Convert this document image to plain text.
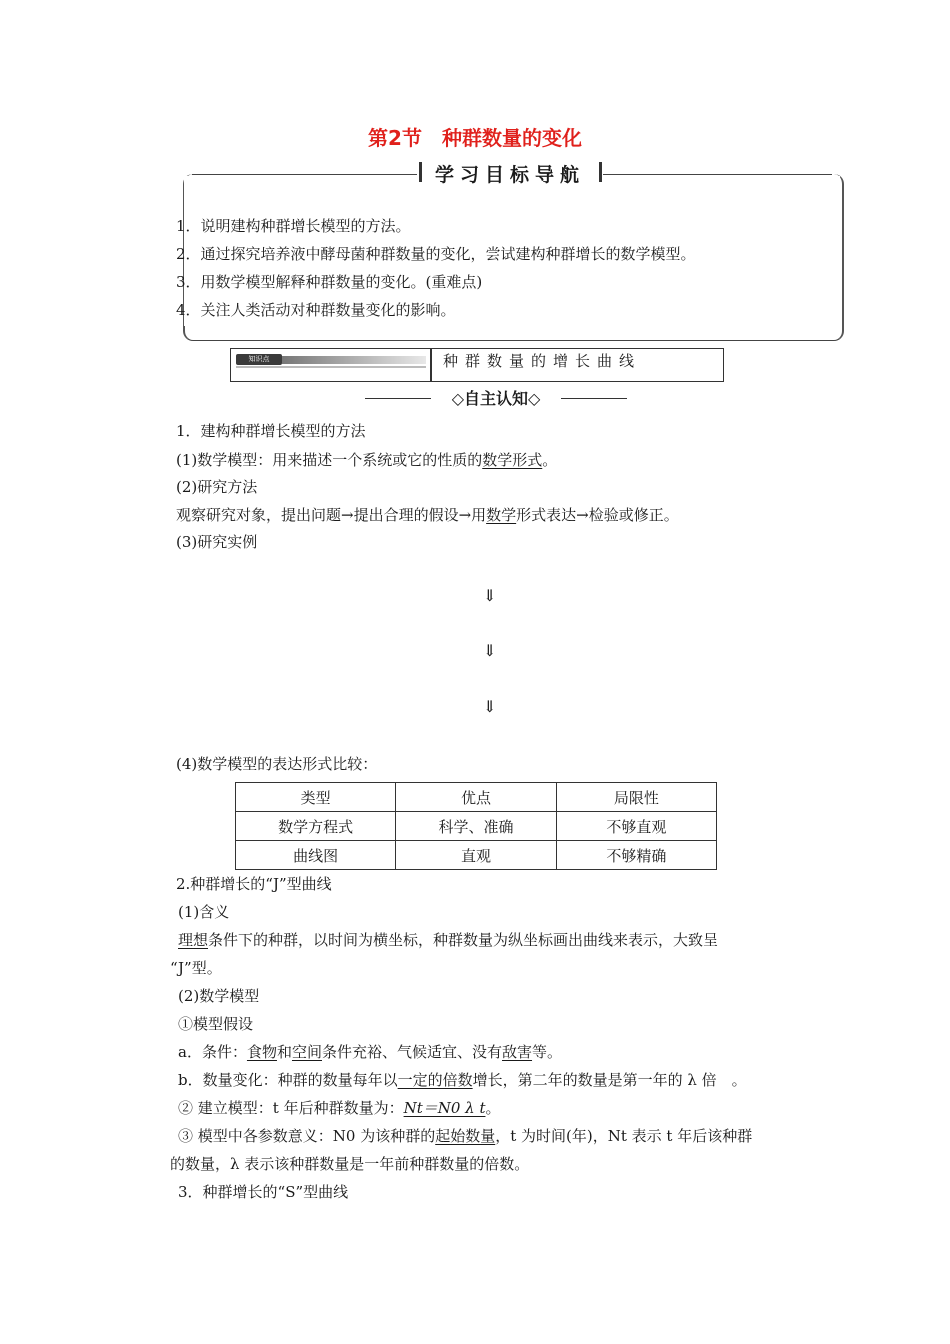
第2节　种群数量的变化
学习目标导航
1．说明建构种群增长模型的方法。
2．通过探究培养液中酵母菌种群数量的变化，尝试建构种群增长的数学模型。
3．用数学模型解释种群数量的变化。(重难点)
4．关注人类活动对种群数量变化的影响。
知识点	种群数量的增长曲线
◇自主认知◇
1．建构种群增长模型的方法
(1)数学模型：用来描述一个系统或它的性质的数学形式。
(2)研究方法
观察研究对象，提出问题→提出合理的假设→用数学形式表达→检验或修正。
(3)研究实例
⇓
⇓
⇓
(4)数学模型的表达形式比较：
类型	优点	局限性
数学方程式	科学、准确	不够直观
曲线图	直观	不够精确
2.种群增长的“J”型曲线
(1)含义
理想条件下的种群，以时间为横坐标，种群数量为纵坐标画出曲线来表示，大致呈
“J”型。
(2)数学模型
①模型假设
a．条件：食物和空间条件充裕、气候适宜、没有敌害等。
b．数量变化：种群的数量每年以一定的倍数增长，第二年的数量是第一年的 λ 倍　。
② 建立模型：t 年后种群数量为：Nt＝N0 λ t。
③ 模型中各参数意义：N0 为该种群的起始数量，t 为时间(年)，Nt 表示 t 年后该种群
的数量，λ 表示该种群数量是一年前种群数量的倍数。
3．种群增长的“S”型曲线
